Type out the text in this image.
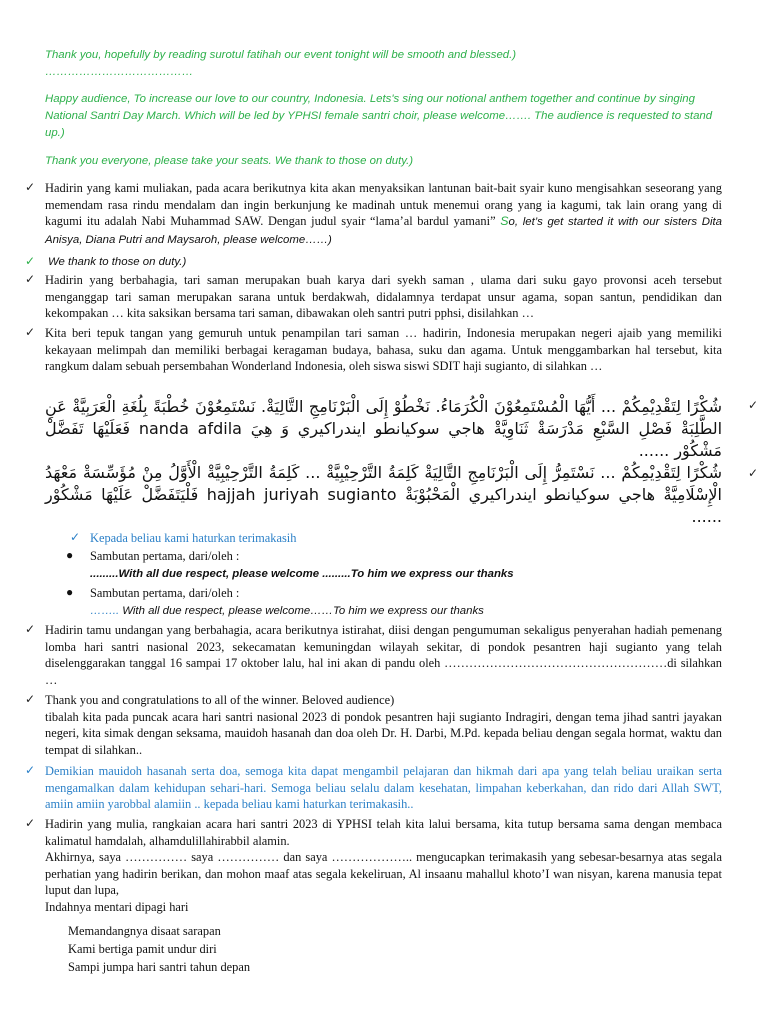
Thank you, hopefully by reading surotul fatihah our event tonight will be smooth and blessed.)
…………………………………
Happy audience, To increase our love to our country, Indonesia. Lets's sing our notional anthem together and continue by singing National Santri Day March. Which will be led by YPHSI female santri choir, please welcome……. The audience is requested to stand up.)
Thank you everyone, please take your seats. We thank to those on duty.)
✓ Hadirin yang kami muliakan, pada acara berikutnya kita akan menyaksikan lantunan bait-bait syair kuno mengisahkan seseorang yang memendam rasa rindu mendalam dan ingin berkunjung ke madinah untuk menemui orang yang ia kagumi, tak lain orang yang di kagumi itu adalah Nabi Muhammad SAW. Dengan judul syair “lama’al bardul yamani” So, let’s get started it with our sisters Dita Anisya, Diana Putri and Maysaroh, please welcome……)
✓ We thank to those on duty.)
✓ Hadirin yang berbahagia, tari saman merupakan buah karya dari syekh saman , ulama dari suku gayo provonsi aceh tersebut menganggap tari saman merupakan sarana untuk berdakwah, didalamnya terdapat unsur agama, sopan santun, pendidikan dan kekompakan … kita saksikan bersama tari saman, dibawakan oleh santri putri pphsi, disilahkan …
✓ Kita beri tepuk tangan yang gemuruh untuk penampilan tari saman … hadirin, Indonesia merupakan negeri ajaib yang memiliki kekayaan melimpah dan memiliki berbagai keragaman budaya, bahasa, suku dan agama. Untuk menggambarkan hal tersebut, kita rangkum dalam sebuah persembahan Wonderland Indonesia, oleh siswa siswi SDIT haji sugianto, di silahkan …
✓
شُكْرًا لِتَقْدِيْمِكُمْ ... أَيُّهَا الْمُسْتَمِعُوْنَ الْكُرَمَاءُ. نَخْطُوْ إِلَى الْبَرْنَامِجِ التَّالِيَةْ. نَسْتَمِعُوْنَ خُطْبَةً بِلُغَةِ الْعَرَبِيَّةْ عَنِ الطَّلِبَةْ فَصْلِ السَّبْعِ مَدْرَسَةْ ثَنَاوِيَّةْ هاجي سوكيانطو ايندراكيري وَ هِيَ nanda afdila فَعَلَيْهَا تَفَضَّلْ مَشْكُوْر ......
✓
شُكْرًا لِتَقْدِيْمِكُمْ ... نَسْتَمِرُّ إِلَى الْبَرْنَامِجِ التَّالِيَةْ كَلِمَةُ التَّرْحِيْبِيَّةْ ... كَلِمَةُ التَّرْحِيْبِيَّةْ الْأَوَّلُ مِنْ مُؤَسِّسَةْ مَعْهَدُ الْإِسْلَامِيَّةْ هاجي سوكيانطو ايندراكيري الْمَحْبُوْبَةْ hajjah juriyah sugianto فَلْيَتَفَضَّلْ عَلَيْهَا مَشْكُوْر ......
✓ Kepada beliau kami haturkan terimakasih
● Sambutan pertama, dari/oleh :
.........With all due respect, please welcome .........To him we express our thanks
● Sambutan pertama, dari/oleh :
…….. With all due respect, please welcome……To him we express our thanks
✓ Hadirin tamu undangan yang berbahagia, acara berikutnya istirahat, diisi dengan pengumuman sekaligus penyerahan hadiah pemenang lomba hari santri nasional 2023, sekecamatan kemuningdan wilayah sekitar, di pondok pesantren haji sugianto yang telah diselenggarakan tanggal 16 sampai 17 oktober lalu, hal ini akan di pandu oleh ………………………………………………di silahkan …
✓ Thank you and congratulations to all of the winner. Beloved audience)
tibalah kita pada puncak acara hari santri nasional 2023 di pondok pesantren haji sugianto Indragiri, dengan tema jihad santri jayakan negeri, kita simak dengan seksama, mauidoh hasanah dan doa oleh Dr. H. Darbi, M.Pd. kepada beliau dengan segala hormat, waktu dan tempat di silahkan..
✓ Demikian mauidoh hasanah serta doa, semoga kita dapat mengambil pelajaran dan hikmah dari apa yang telah beliau uraikan serta mengamalkan dalam kehidupan sehari-hari. Semoga beliau selalu dalam kesehatan, limpahan keberkahan, dan rido dari Allah SWT, amiin amiin yarobbal alamiin .. kepada beliau kami haturkan terimakasih..
✓ Hadirin yang mulia, rangkaian acara hari santri 2023 di YPHSI telah kita lalui bersama, kita tutup bersama sama dengan membaca kalimatul hamdalah, alhamdulillahirabbil alamin.
Akhirnya, saya …………… saya …………… dan saya ……………….. mengucapkan terimakasih yang sebesar-besarnya atas segala perhatian yang hadirin berikan, dan mohon maaf atas segala kekeliruan, Al insaanu mahallul khoto’I wan nisyan, karena manusia tepat luput dan lupa,
Indahnya mentari dipagi hari
Memandangnya disaat sarapan
Kami bertiga pamit undur diri
Sampi jumpa hari santri tahun depan
